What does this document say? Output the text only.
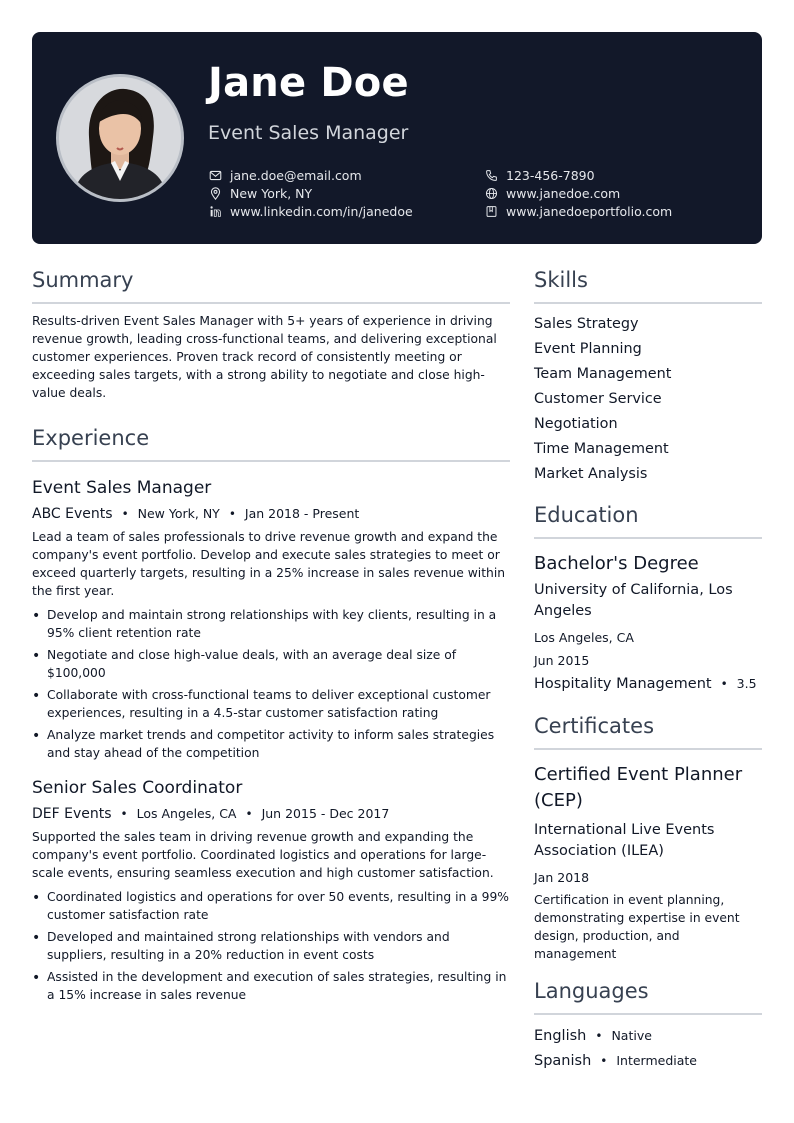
Jane Doe

Event Sales Manager

jane.doe@email.com
New York, NY
www.linkedin.com/in/janedoe
123-456-7890
www.janedoe.com
www.janedoeportfolio.com
Summary

Results-driven Event Sales Manager with 5+ years of experience in driving revenue growth, leading cross-functional teams, and delivering exceptional customer experiences. Proven track record of consistently meeting or exceeding sales targets, with a strong ability to negotiate and close high-value deals.

Experience
Event Sales Manager
ABC Events • New York, NY • Jan 2018 - Present

Lead a team of sales professionals to drive revenue growth and expand the company's event portfolio. Develop and execute sales strategies to meet or exceed quarterly targets, resulting in a 25% increase in sales revenue within the first year.

• Develop and maintain strong relationships with key clients, resulting in a 95% client retention rate
• Negotiate and close high-value deals, with an average deal size of $100,000
• Collaborate with cross-functional teams to deliver exceptional customer experiences, resulting in a 4.5-star customer satisfaction rating
• Analyze market trends and competitor activity to inform sales strategies and stay ahead of the competition
Senior Sales Coordinator
DEF Events • Los Angeles, CA • Jun 2015 - Dec 2017

Supported the sales team in driving revenue growth and expanding the company's event portfolio. Coordinated logistics and operations for large-scale events, ensuring seamless execution and high customer satisfaction.

• Coordinated logistics and operations for over 50 events, resulting in a 99% customer satisfaction rate
• Developed and maintained strong relationships with vendors and suppliers, resulting in a 20% reduction in event costs
• Assisted in the development and execution of sales strategies, resulting in a 15% increase in sales revenue
Skills
Sales Strategy
Event Planning
Team Management
Customer Service
Negotiation
Time Management
Market Analysis
Education
Bachelor's Degree
University of California, Los Angeles
Los Angeles, CA
Jun 2015
Hospitality Management • 3.5
Certificates
Certified Event Planner (CEP)
International Live Events Association (ILEA)
Jan 2018
Certification in event planning, demonstrating expertise in event design, production, and management
Languages
English • Native
Spanish • Intermediate
